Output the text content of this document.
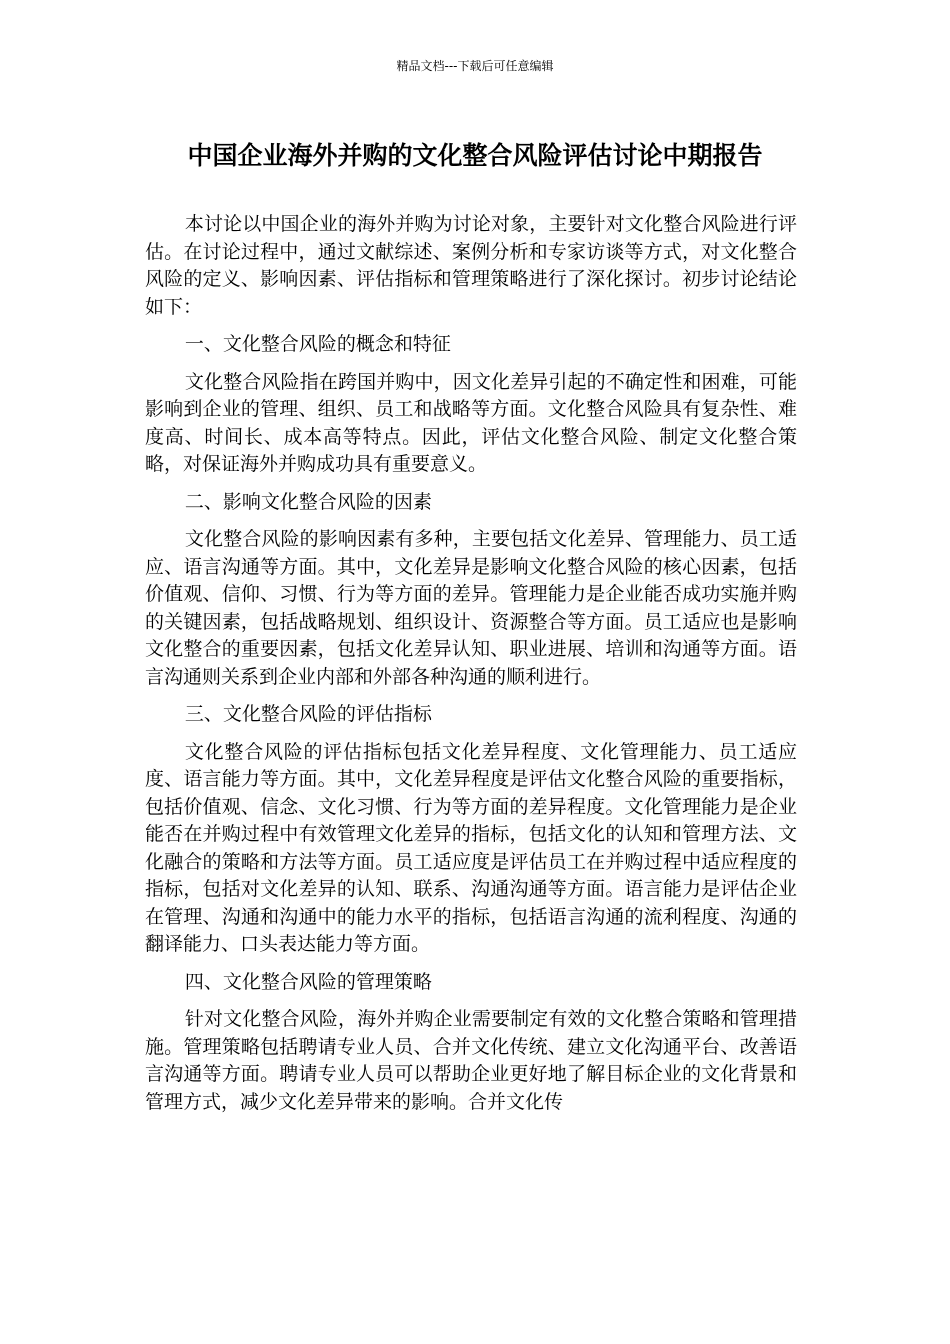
精品文档---下载后可任意编辑
中国企业海外并购的文化整合风险评估讨论中期报告

本讨论以中国企业的海外并购为讨论对象，主要针对文化整合风险进行评估。在讨论过程中，通过文献综述、案例分析和专家访谈等方式，对文化整合风险的定义、影响因素、评估指标和管理策略进行了深化探讨。初步讨论结论如下：

一、文化整合风险的概念和特征

文化整合风险指在跨国并购中，因文化差异引起的不确定性和困难，可能影响到企业的管理、组织、员工和战略等方面。文化整合风险具有复杂性、难度高、时间长、成本高等特点。因此，评估文化整合风险、制定文化整合策略，对保证海外并购成功具有重要意义。

二、影响文化整合风险的因素

文化整合风险的影响因素有多种，主要包括文化差异、管理能力、员工适应、语言沟通等方面。其中，文化差异是影响文化整合风险的核心因素，包括价值观、信仰、习惯、行为等方面的差异。管理能力是企业能否成功实施并购的关键因素，包括战略规划、组织设计、资源整合等方面。员工适应也是影响文化整合的重要因素，包括文化差异认知、职业进展、培训和沟通等方面。语言沟通则关系到企业内部和外部各种沟通的顺利进行。

三、文化整合风险的评估指标

文化整合风险的评估指标包括文化差异程度、文化管理能力、员工适应度、语言能力等方面。其中，文化差异程度是评估文化整合风险的重要指标，包括价值观、信念、文化习惯、行为等方面的差异程度。文化管理能力是企业能否在并购过程中有效管理文化差异的指标，包括文化的认知和管理方法、文化融合的策略和方法等方面。员工适应度是评估员工在并购过程中适应程度的指标，包括对文化差异的认知、联系、沟通沟通等方面。语言能力是评估企业在管理、沟通和沟通中的能力水平的指标，包括语言沟通的流利程度、沟通的翻译能力、口头表达能力等方面。

四、文化整合风险的管理策略

针对文化整合风险，海外并购企业需要制定有效的文化整合策略和管理措施。管理策略包括聘请专业人员、合并文化传统、建立文化沟通平台、改善语言沟通等方面。聘请专业人员可以帮助企业更好地了解目标企业的文化背景和管理方式，减少文化差异带来的影响。合并文化传
